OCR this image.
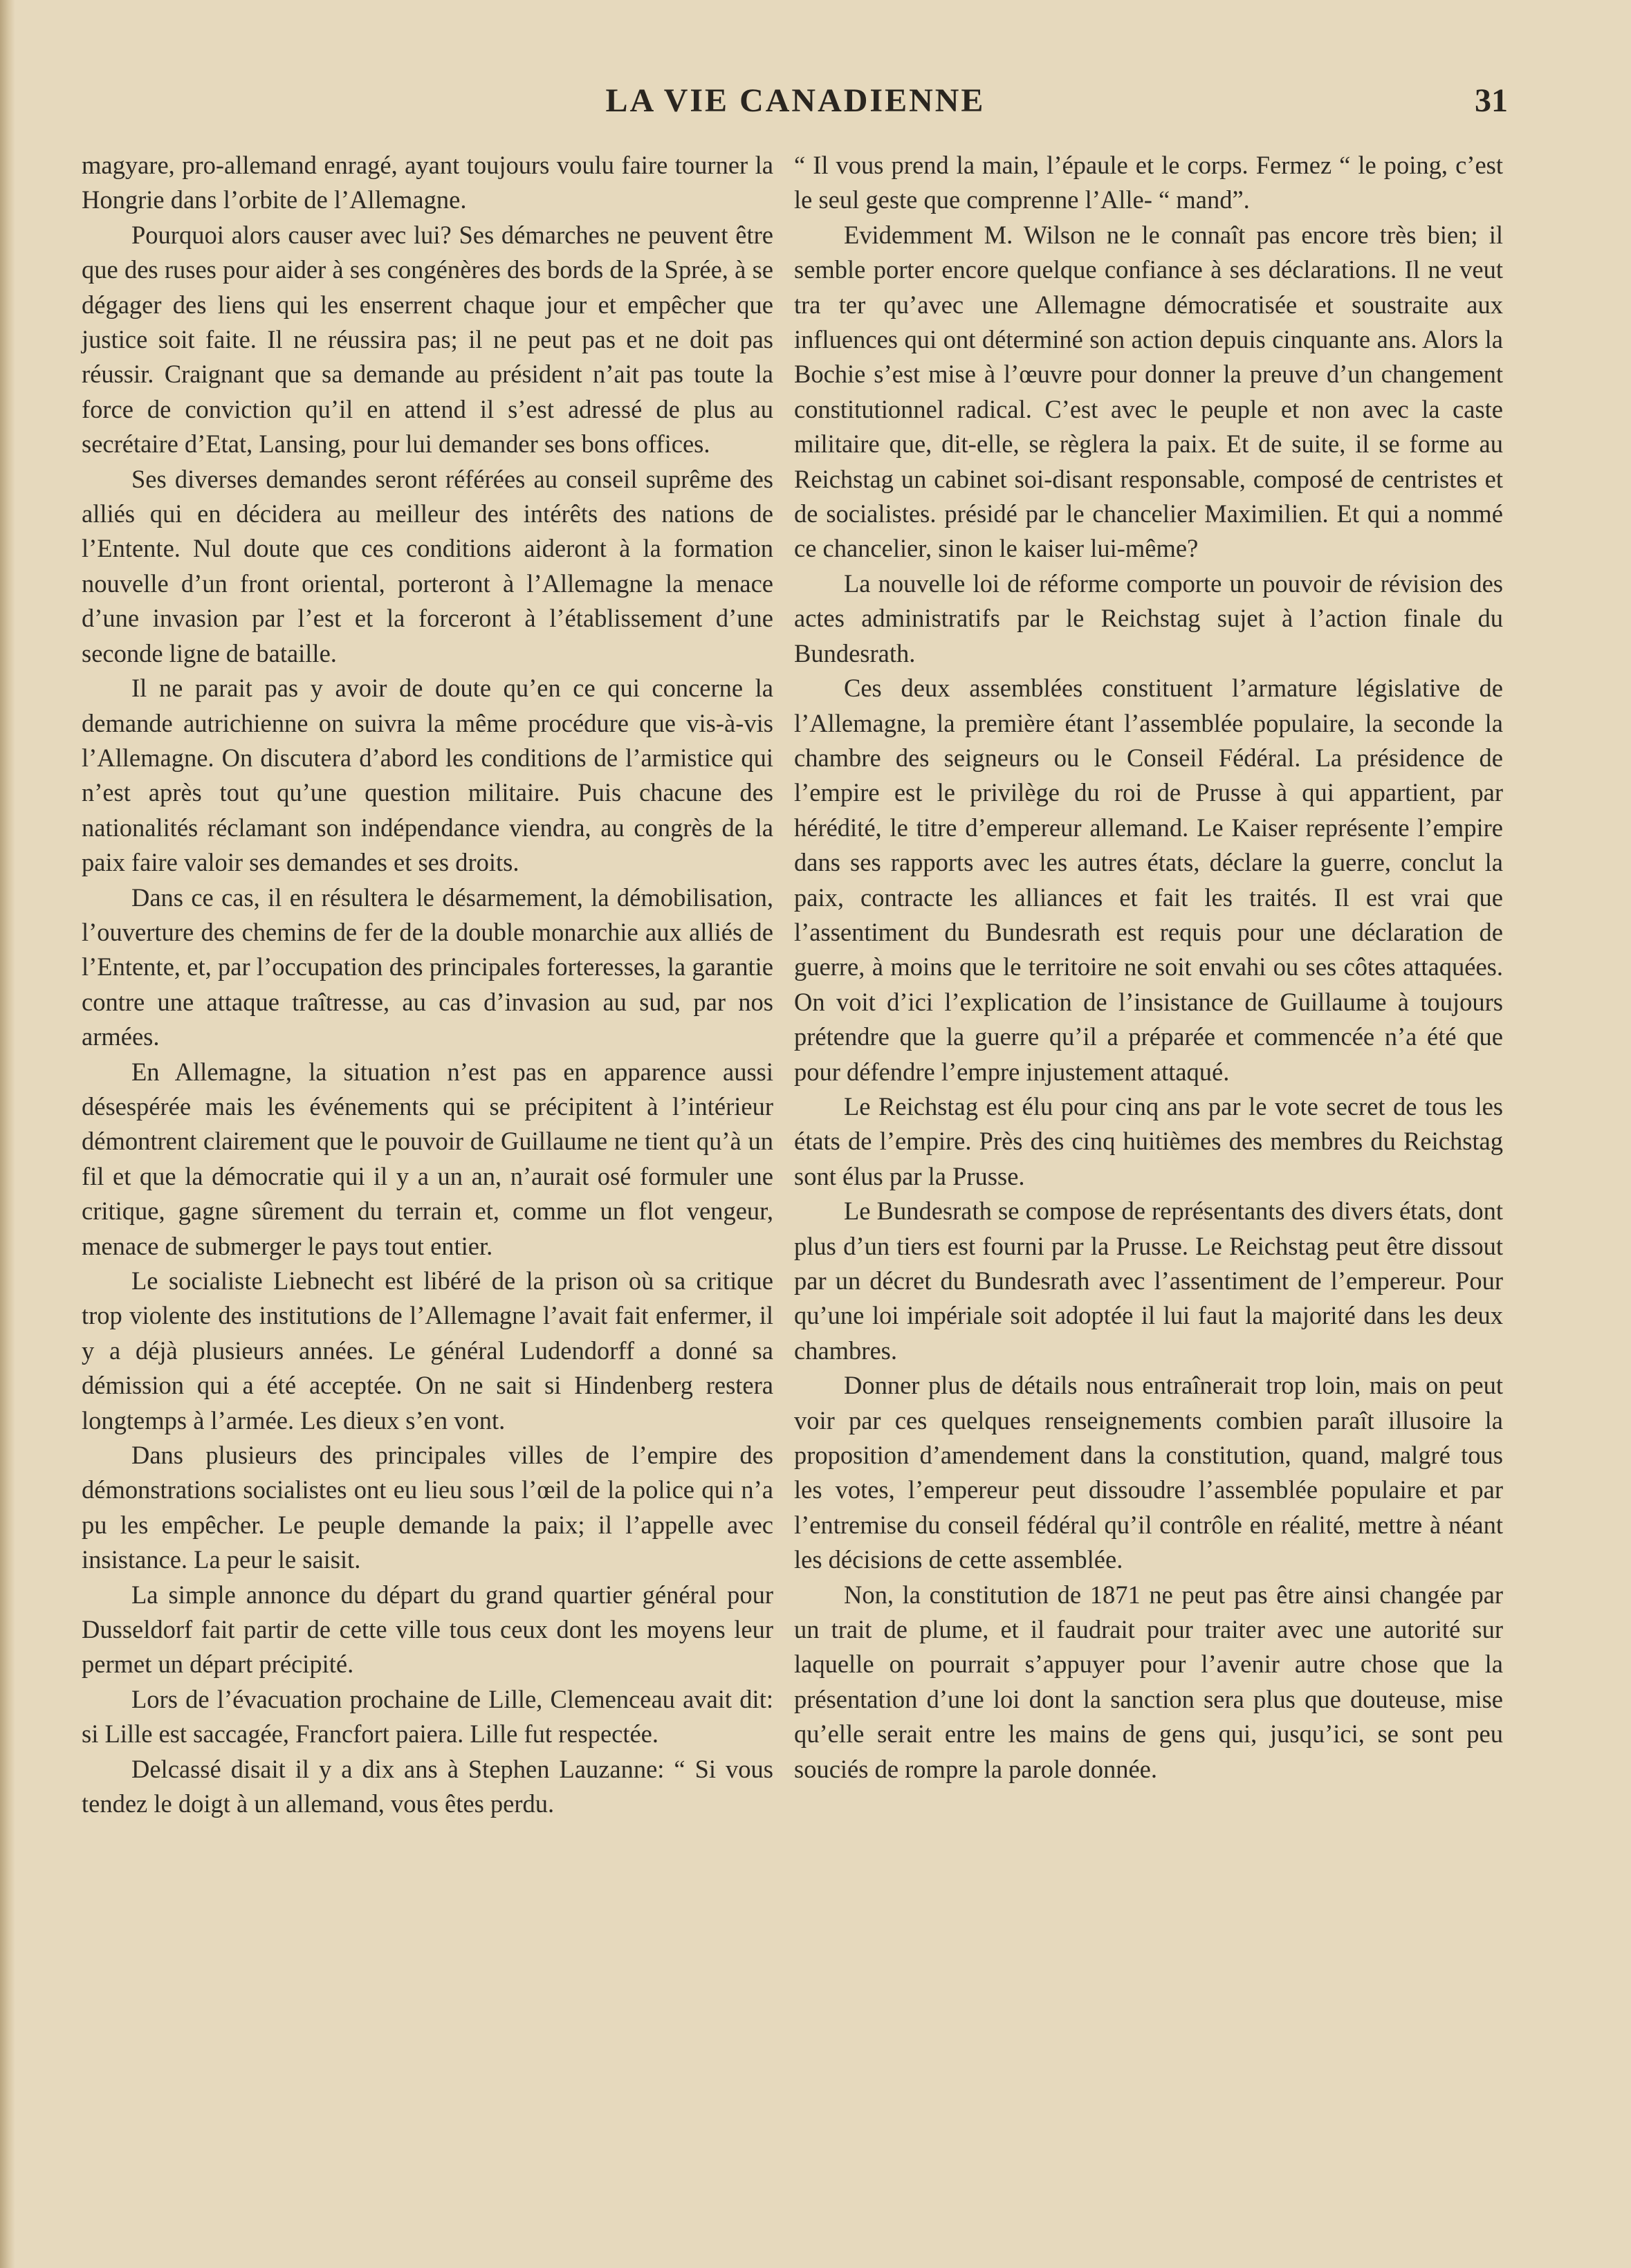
LA VIE CANADIENNE	31

magyare, pro-allemand enragé, ayant toujours voulu faire tourner la Hongrie dans l’orbite de l’Allemagne.

Pourquoi alors causer avec lui? Ses démarches ne peuvent être que des ruses pour aider à ses congénères des bords de la Sprée, à se dégager des liens qui les enserrent chaque jour et empêcher que justice soit faite. Il ne réussira pas; il ne peut pas et ne doit pas réussir. Craignant que sa demande au président n’ait pas toute la force de conviction qu’il en attend il s’est adressé de plus au secrétaire d’Etat, Lansing, pour lui demander ses bons offices.

Ses diverses demandes seront référées au conseil suprême des alliés qui en décidera au meilleur des intérêts des nations de l’Entente. Nul doute que ces conditions aideront à la formation nouvelle d’un front oriental, porteront à l’Allemagne la menace d’une invasion par l’est et la forceront à l’établissement d’une seconde ligne de bataille.

Il ne parait pas y avoir de doute qu’en ce qui concerne la demande autrichienne on suivra la même procédure que vis-à-vis l’Allemagne. On discutera d’abord les conditions de l’armistice qui n’est après tout qu’une question militaire. Puis chacune des nationalités réclamant son indépendance viendra, au congrès de la paix faire valoir ses demandes et ses droits.

Dans ce cas, il en résultera le désarmement, la démobilisation, l’ouverture des chemins de fer de la double monarchie aux alliés de l’Entente, et, par l’occupation des principales forteresses, la garantie contre une attaque traîtresse, au cas d’invasion au sud, par nos armées.

En Allemagne, la situation n’est pas en apparence aussi désespérée mais les événements qui se précipitent à l’intérieur démontrent clairement que le pouvoir de Guillaume ne tient qu’à un fil et que la démocratie qui il y a un an, n’aurait osé formuler une critique, gagne sûrement du terrain et, comme un flot vengeur, menace de submerger le pays tout entier.

Le socialiste Liebnecht est libéré de la prison où sa critique trop violente des institutions de l’Allemagne l’avait fait enfermer, il y a déjà plusieurs années. Le général Ludendorff a donné sa démission qui a été acceptée. On ne sait si Hindenberg restera longtemps à l’armée. Les dieux s’en vont.

Dans plusieurs des principales villes de l’empire des démonstrations socialistes ont eu lieu sous l’œil de la police qui n’a pu les empêcher. Le peuple demande la paix; il l’appelle avec insistance. La peur le saisit.

La simple annonce du départ du grand quartier général pour Dusseldorf fait partir de cette ville tous ceux dont les moyens leur permet un départ précipité.

Lors de l’évacuation prochaine de Lille, Clemenceau avait dit: si Lille est saccagée, Francfort paiera. Lille fut respectée.

Delcassé disait il y a dix ans à Stephen Lauzanne: “ Si vous tendez le doigt à un allemand, vous êtes perdu.

“ Il vous prend la main, l’épaule et le corps. Fermez “ le poing, c’est le seul geste que comprenne l’Alle- “ mand”.

Evidemment M. Wilson ne le connaît pas encore très bien; il semble porter encore quelque confiance à ses déclarations. Il ne veut tra ter qu’avec une Allemagne démocratisée et soustraite aux influences qui ont déterminé son action depuis cinquante ans. Alors la Bochie s’est mise à l’œuvre pour donner la preuve d’un changement constitutionnel radical. C’est avec le peuple et non avec la caste militaire que, dit-elle, se règlera la paix. Et de suite, il se forme au Reichstag un cabinet soi-disant responsable, composé de centristes et de socialistes. présidé par le chancelier Maximilien. Et qui a nommé ce chancelier, sinon le kaiser lui-même?

La nouvelle loi de réforme comporte un pouvoir de révision des actes administratifs par le Reichstag sujet à l’action finale du Bundesrath.

Ces deux assemblées constituent l’armature législative de l’Allemagne, la première étant l’assemblée populaire, la seconde la chambre des seigneurs ou le Conseil Fédéral. La présidence de l’empire est le privilège du roi de Prusse à qui appartient, par hérédité, le titre d’empereur allemand. Le Kaiser représente l’empire dans ses rapports avec les autres états, déclare la guerre, conclut la paix, contracte les alliances et fait les traités. Il est vrai que l’assentiment du Bundesrath est requis pour une déclaration de guerre, à moins que le territoire ne soit envahi ou ses côtes attaquées. On voit d’ici l’explication de l’insistance de Guillaume à toujours prétendre que la guerre qu’il a préparée et commencée n’a été que pour défendre l’empre injustement attaqué.

Le Reichstag est élu pour cinq ans par le vote secret de tous les états de l’empire. Près des cinq huitièmes des membres du Reichstag sont élus par la Prusse.

Le Bundesrath se compose de représentants des divers états, dont plus d’un tiers est fourni par la Prusse. Le Reichstag peut être dissout par un décret du Bundesrath avec l’assentiment de l’empereur. Pour qu’une loi impériale soit adoptée il lui faut la majorité dans les deux chambres.

Donner plus de détails nous entraînerait trop loin, mais on peut voir par ces quelques renseignements combien paraît illusoire la proposition d’amendement dans la constitution, quand, malgré tous les votes, l’empereur peut dissoudre l’assemblée populaire et par l’entremise du conseil fédéral qu’il contrôle en réalité, mettre à néant les décisions de cette assemblée.

Non, la constitution de 1871 ne peut pas être ainsi changée par un trait de plume, et il faudrait pour traiter avec une autorité sur laquelle on pourrait s’appuyer pour l’avenir autre chose que la présentation d’une loi dont la sanction sera plus que douteuse, mise qu’elle serait entre les mains de gens qui, jusqu’ici, se sont peu souciés de rompre la parole donnée.
